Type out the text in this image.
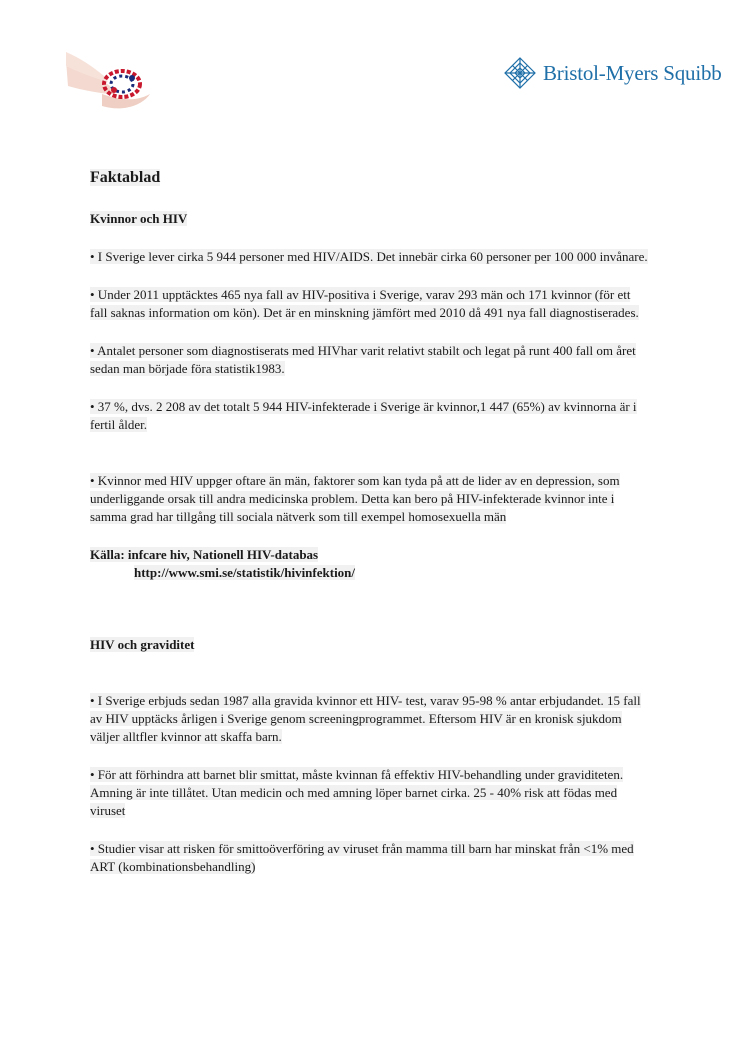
Bristol-Myers Squibb
Faktablad
Kvinnor och HIV

• I Sverige lever cirka 5 944 personer med HIV/AIDS. Det innebär cirka 60 personer per 100 000 invånare.

• Under 2011 upptäcktes 465 nya fall av HIV-positiva i Sverige, varav 293 män och 171 kvinnor (för ett fall saknas information om kön). Det är en minskning jämfört med 2010 då 491 nya fall diagnostiserades.

• Antalet personer som diagnostiserats med HIVhar varit relativt stabilt och legat på runt 400 fall om året sedan man började föra statistik1983.

• 37 %, dvs. 2 208 av det totalt 5 944 HIV-infekterade i Sverige är kvinnor,1 447 (65%) av kvinnorna är i fertil ålder.

• Kvinnor med HIV uppger oftare än män, faktorer som kan tyda på att de lider av en depression, som underliggande orsak till andra medicinska problem. Detta kan bero på HIV-infekterade kvinnor inte i samma grad har tillgång till sociala nätverk som till exempel homosexuella män

Källa: infcare hiv, Nationell HIV-databas
http://www.smi.se/statistik/hivinfektion/

HIV och graviditet

• I Sverige erbjuds sedan 1987 alla gravida kvinnor ett HIV- test, varav 95-98 % antar erbjudandet. 15 fall av HIV upptäcks årligen i Sverige genom screeningprogrammet. Eftersom HIV är en kronisk sjukdom väljer alltfler kvinnor att skaffa barn.

• För att förhindra att barnet blir smittat, måste kvinnan få effektiv HIV-behandling under graviditeten. Amning är inte tillåtet. Utan medicin och med amning löper barnet cirka. 25 - 40% risk att födas med viruset

• Studier visar att risken för smittoöverföring av viruset från mamma till barn har minskat från <1% med ART (kombinationsbehandling)
